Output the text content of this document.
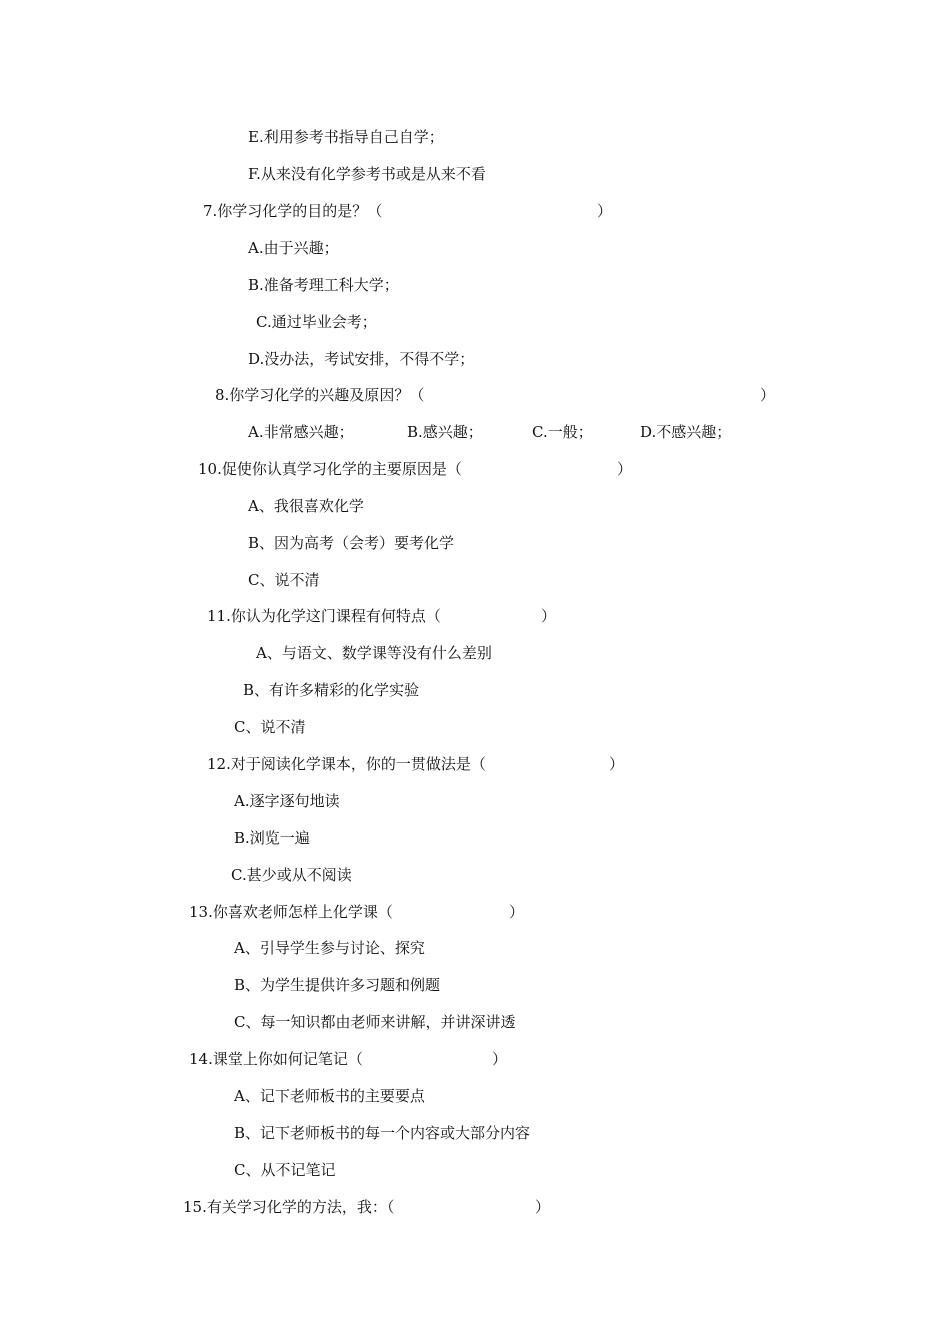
E.利用参考书指导自己自学；
F.从来没有化学参考书或是从来不看
7.你学习化学的目的是？（	）
A.由于兴趣；
B.准备考理工科大学；
C.通过毕业会考；
D.没办法，考试安排，不得不学；
8.你学习化学的兴趣及原因？（	）
A.非常感兴趣；	B.感兴趣；	C.一般；	D.不感兴趣；
10.促使你认真学习化学的主要原因是（	）
A、我很喜欢化学
B、因为高考（会考）要考化学
C、说不清
11.你认为化学这门课程有何特点（	）
A、与语文、数学课等没有什么差别
B、有许多精彩的化学实验
C、说不清
12.对于阅读化学课本，你的一贯做法是（	）
A.逐字逐句地读
B.浏览一遍
C.甚少或从不阅读
13.你喜欢老师怎样上化学课（	）
A、引导学生参与讨论、探究
B、为学生提供许多习题和例题
C、每一知识都由老师来讲解，并讲深讲透
14.课堂上你如何记笔记（	）
A、记下老师板书的主要要点
B、记下老师板书的每一个内容或大部分内容
C、从不记笔记
15.有关学习化学的方法，我：（	）
